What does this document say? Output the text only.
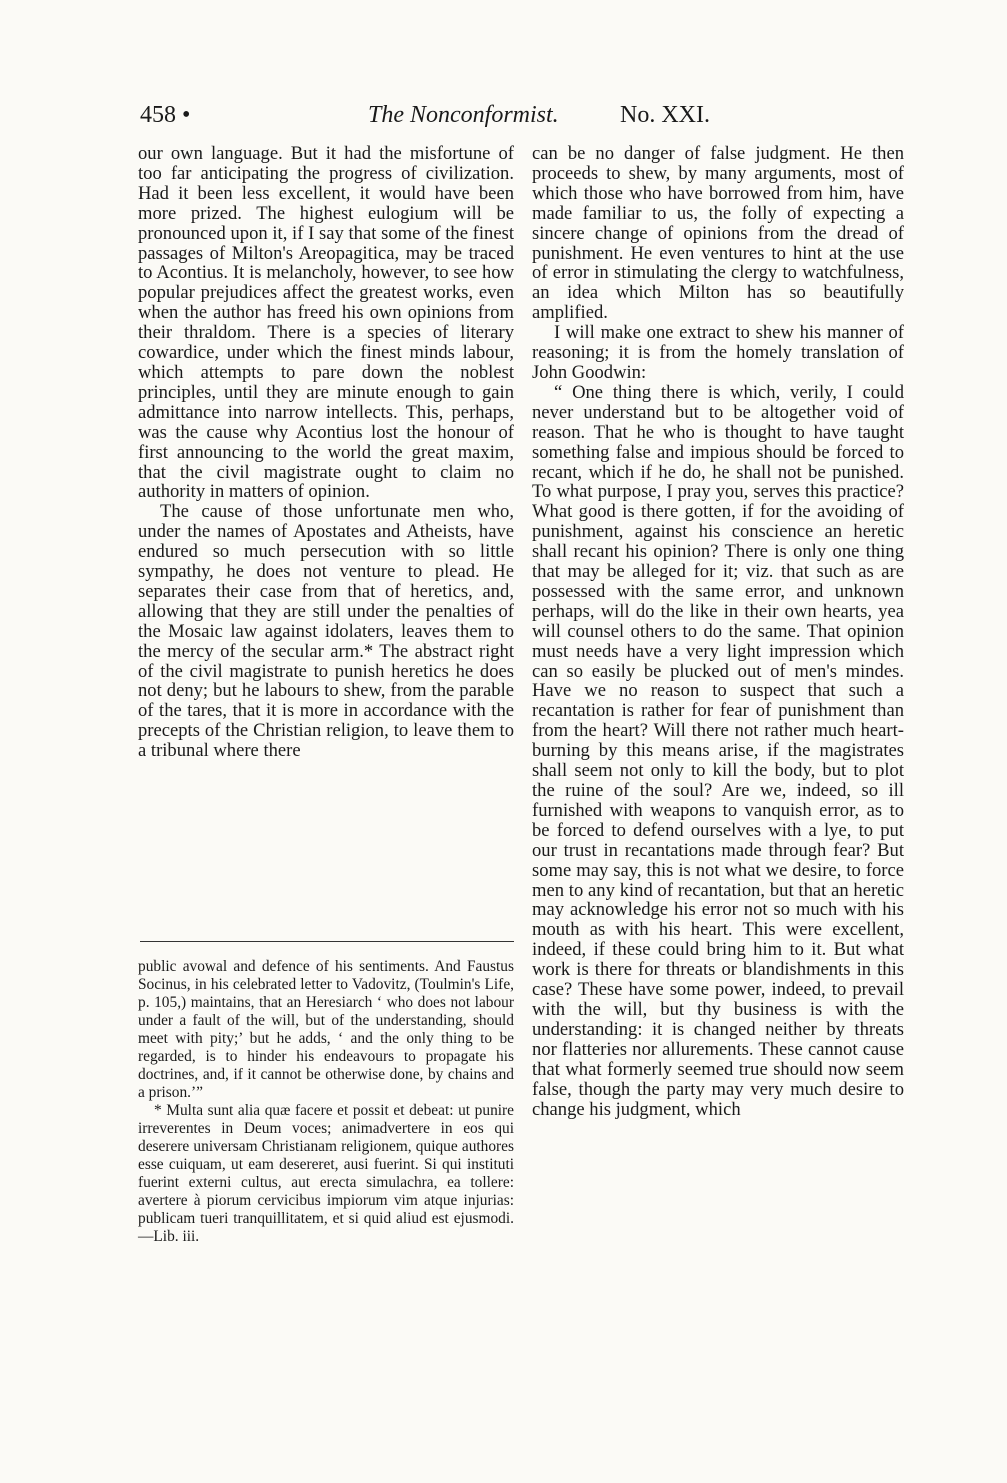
458 •	The Nonconformist.	No. XXI.

our own language. But it had the misfortune of too far anticipating the progress of civilization. Had it been less excellent, it would have been more prized. The highest eulogium will be pronounced upon it, if I say that some of the finest passages of Milton's Areopagitica, may be traced to Acontius. It is melancholy, however, to see how popular prejudices affect the greatest works, even when the author has freed his own opinions from their thraldom. There is a species of literary cowardice, under which the finest minds labour, which attempts to pare down the noblest principles, until they are minute enough to gain admittance into narrow intellects. This, perhaps, was the cause why Acontius lost the honour of first announcing to the world the great maxim, that the civil magistrate ought to claim no authority in matters of opinion.

The cause of those unfortunate men who, under the names of Apostates and Atheists, have endured so much persecution with so little sympathy, he does not venture to plead. He separates their case from that of heretics, and, allowing that they are still under the penalties of the Mosaic law against idolaters, leaves them to the mercy of the secular arm.* The abstract right of the civil magistrate to punish heretics he does not deny; but he labours to shew, from the parable of the tares, that it is more in accordance with the precepts of the Christian religion, to leave them to a tribunal where there

public avowal and defence of his sentiments. And Faustus Socinus, in his celebrated letter to Vadovitz, (Toulmin's Life, p. 105,) maintains, that an Heresiarch ‘ who does not labour under a fault of the will, but of the understanding, should meet with pity;’ but he adds, ‘ and the only thing to be regarded, is to hinder his endeavours to propagate his doctrines, and, if it cannot be otherwise done, by chains and a prison.’”

* Multa sunt alia quæ facere et possit et debeat: ut punire irreverentes in Deum voces; animadvertere in eos qui deserere universam Christianam religionem, quique authores esse cuiquam, ut eam desereret, ausi fuerint. Si qui instituti fuerint externi cultus, aut erecta simulachra, ea tollere: avertere à piorum cervicibus impiorum vim atque injurias: publicam tueri tranquillitatem, et si quid aliud est ejusmodi.—Lib. iii.

can be no danger of false judgment. He then proceeds to shew, by many arguments, most of which those who have borrowed from him, have made familiar to us, the folly of expecting a sincere change of opinions from the dread of punishment. He even ventures to hint at the use of error in stimulating the clergy to watchfulness, an idea which Milton has so beautifully amplified.

I will make one extract to shew his manner of reasoning; it is from the homely translation of John Goodwin:

“ One thing there is which, verily, I could never understand but to be altogether void of reason. That he who is thought to have taught something false and impious should be forced to recant, which if he do, he shall not be punished. To what purpose, I pray you, serves this practice? What good is there gotten, if for the avoiding of punishment, against his conscience an heretic shall recant his opinion? There is only one thing that may be alleged for it; viz. that such as are possessed with the same error, and unknown perhaps, will do the like in their own hearts, yea will counsel others to do the same. That opinion must needs have a very light impression which can so easily be plucked out of men's mindes. Have we no reason to suspect that such a recantation is rather for fear of punishment than from the heart? Will there not rather much heart-burning by this means arise, if the magistrates shall seem not only to kill the body, but to plot the ruine of the soul? Are we, indeed, so ill furnished with weapons to vanquish error, as to be forced to defend ourselves with a lye, to put our trust in recantations made through fear? But some may say, this is not what we desire, to force men to any kind of recantation, but that an heretic may acknowledge his error not so much with his mouth as with his heart. This were excellent, indeed, if these could bring him to it. But what work is there for threats or blandishments in this case? These have some power, indeed, to prevail with the will, but thy business is with the understanding: it is changed neither by threats nor flatteries nor allurements. These cannot cause that what formerly seemed true should now seem false, though the party may very much desire to change his judgment, which
